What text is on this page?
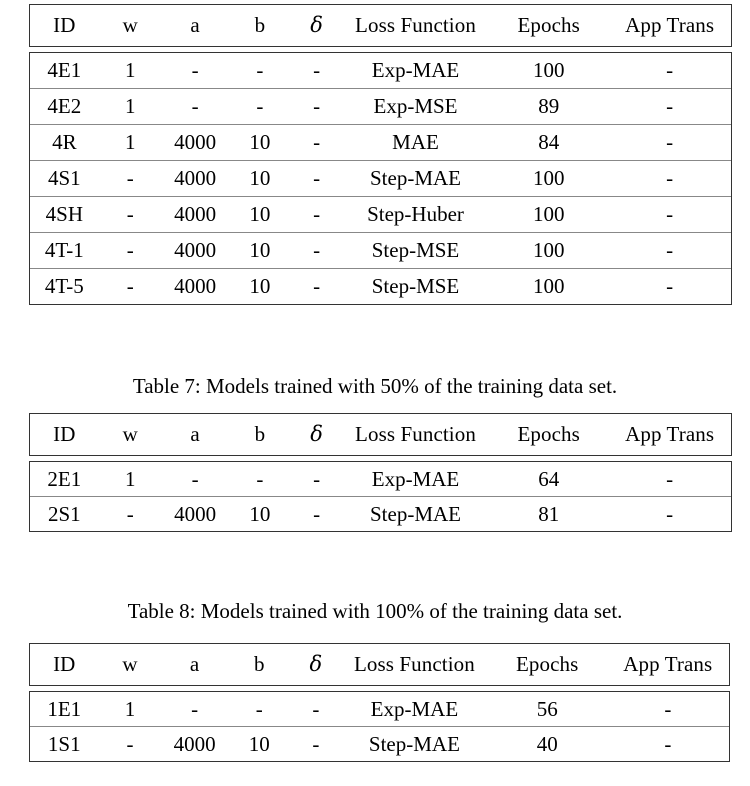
ID	w	a	b	δ	Loss Function	Epochs	App Trans
4E1	1	-	-	-	Exp-MAE	100	-
4E2	1	-	-	-	Exp-MSE	89	-
4R	1	4000	10	-	MAE	84	-
4S1	-	4000	10	-	Step-MAE	100	-
4SH	-	4000	10	-	Step-Huber	100	-
4T-1	-	4000	10	-	Step-MSE	100	-
4T-5	-	4000	10	-	Step-MSE	100	-
Table 7: Models trained with 50% of the training data set.
ID	w	a	b	δ	Loss Function	Epochs	App Trans
2E1	1	-	-	-	Exp-MAE	64	-
2S1	-	4000	10	-	Step-MAE	81	-
Table 8: Models trained with 100% of the training data set.
ID	w	a	b	δ	Loss Function	Epochs	App Trans
1E1	1	-	-	-	Exp-MAE	56	-
1S1	-	4000	10	-	Step-MAE	40	-
